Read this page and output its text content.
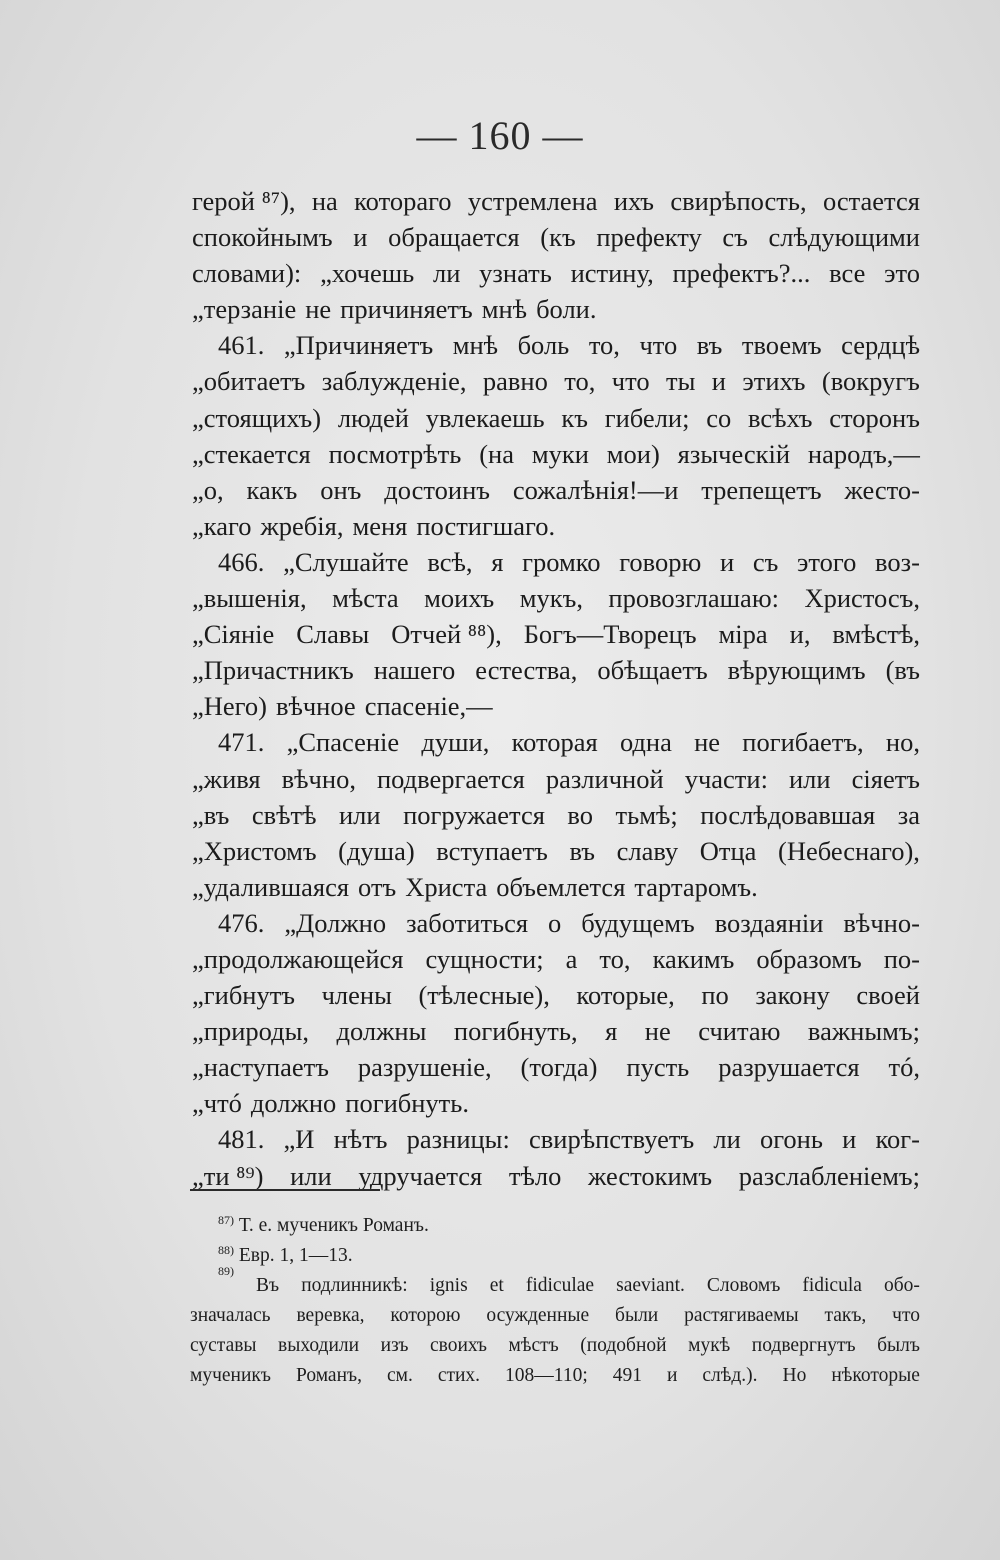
— 160 —
герой ⁸⁷), на котораго устремлена ихъ свирѣпость, остается
спокойнымъ и обращается (къ префекту съ слѣдующими
словами): „хочешь ли узнать истину, префектъ?... все это
„терзаніе не причиняетъ мнѣ боли.
461. „Причиняетъ мнѣ боль то, что въ твоемъ сердцѣ
„обитаетъ заблужденіе, равно то, что ты и этихъ (вокругъ
„стоящихъ) людей увлекаешь къ гибели; со всѣхъ сторонъ
„стекается посмотрѣть (на муки мои) языческій народъ,—
„о, какъ онъ достоинъ сожалѣнія!—и трепещетъ жесто-
„каго жребія, меня постигшаго.
466. „Слушайте всѣ, я громко говорю и съ этого воз-
„вышенія, мѣста моихъ мукъ, провозглашаю: Христосъ,
„Сіяніе Славы Отчей ⁸⁸), Богъ—Творецъ міра и, вмѣстѣ,
„Причастникъ нашего естества, обѣщаетъ вѣрующимъ (въ
„Него) вѣчное спасеніе,—
471. „Спасеніе души, которая одна не погибаетъ, но,
„живя вѣчно, подвергается различной участи: или сіяетъ
„въ свѣтѣ или погружается во тьмѣ; послѣдовавшая за
„Христомъ (душа) вступаетъ въ славу Отца (Небеснаго),
„удалившаяся отъ Христа объемлется тартаромъ.
476. „Должно заботиться о будущемъ воздаяніи вѣчно-
„продолжающейся сущности; а то, какимъ образомъ по-
„гибнутъ члены (тѣлесные), которые, по закону своей
„природы, должны погибнуть, я не считаю важнымъ;
„наступаетъ разрушеніе, (тогда) пусть разрушается тó,
„чтó должно погибнуть.
481. „И нѣтъ разницы: свирѣпствуетъ ли огонь и ког-
„ти ⁸⁹) или удручается тѣло жестокимъ разслабленіемъ;
$^{87)}$ Т. е. мученикъ Романъ.
$^{88)}$ Евр. 1, 1—13.
89)
Въ подлинникѣ: ignis et fidiculae saeviant. Словомъ fidicula обо-
значалась веревка, которою осужденные были растягиваемы такъ, что
суставы выходили изъ своихъ мѣстъ (подобной мукѣ подвергнутъ былъ
мученикъ Романъ, см. стих. 108—110; 491 и слѣд.). Но нѣкоторые
